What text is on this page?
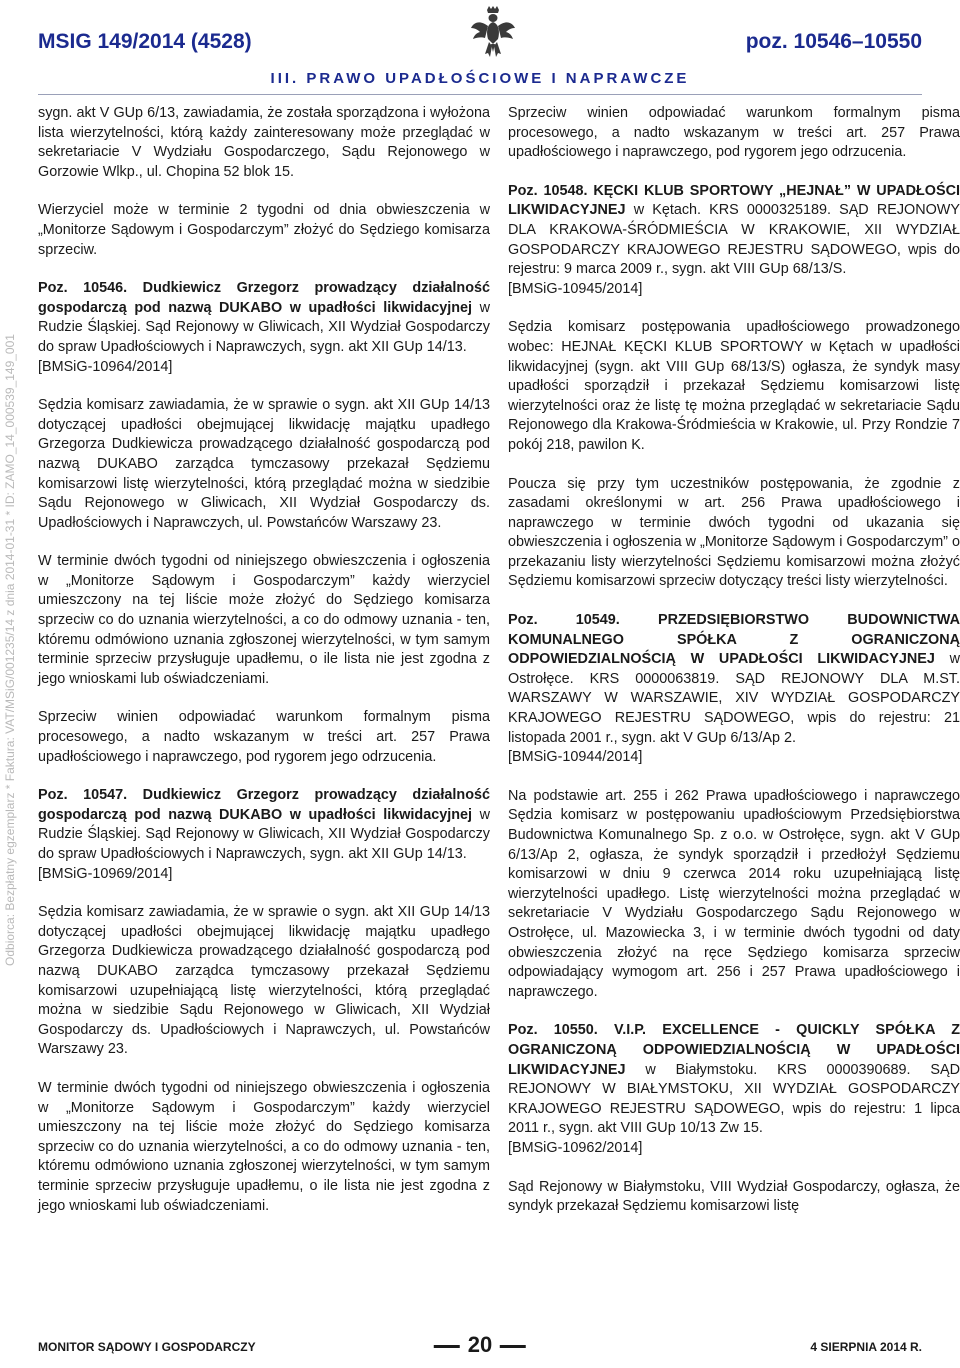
MSIG 149/2014 (4528)	poz. 10546–10550
III. PRAWO UPADŁOŚCIOWE I NAPRAWCZE
Odbiorca: Bezpłatny egzemplarz * Faktura: VAT/MSiG/001235/14 z dnia 2014-01-31 * ID: ZAMO_14_000539_149_001

sygn. akt V GUp 6/13, zawiadamia, że została sporządzona i wyłożona lista wierzytelności, którą każdy zainteresowany może przeglądać w sekretariacie V Wydziału Gospodarczego, Sądu Rejonowego w Gorzowie Wlkp., ul. Chopina 52 blok 15.

Wierzyciel może w terminie 2 tygodni od dnia obwieszczenia w „Monitorze Sądowym i Gospodarczym” złożyć do Sędziego komisarza sprzeciw.

Poz. 10546. Dudkiewicz Grzegorz prowadzący działalność gospodarczą pod nazwą DUKABO w upadłości likwidacyjnej w Rudzie Śląskiej. Sąd Rejonowy w Gliwicach, XII Wydział Gospodarczy do spraw Upadłościowych i Naprawczych, sygn. akt XII GUp 14/13.

[BMSiG-10964/2014]

Sędzia komisarz zawiadamia, że w sprawie o sygn. akt XII GUp 14/13 dotyczącej upadłości obejmującej likwidację majątku upadłego Grzegorza Dudkiewicza prowadzącego działalność gospodarczą pod nazwą DUKABO zarządca tymczasowy przekazał Sędziemu komisarzowi listę wierzytelności, którą przeglądać można w siedzibie Sądu Rejonowego w Gliwicach, XII Wydział Gospodarczy ds. Upadłościowych i Naprawczych, ul. Powstańców Warszawy 23.

W terminie dwóch tygodni od niniejszego obwieszczenia i ogłoszenia w „Monitorze Sądowym i Gospodarczym” każdy wierzyciel umieszczony na tej liście może złożyć do Sędziego komisarza sprzeciw co do uznania wierzytelności, a co do odmowy uznania - ten, któremu odmówiono uznania zgłoszonej wierzytelności, w tym samym terminie sprzeciw przysługuje upadłemu, o ile lista nie jest zgodna z jego wnioskami lub oświadczeniami.

Sprzeciw winien odpowiadać warunkom formalnym pisma procesowego, a nadto wskazanym w treści art. 257 Prawa upadłościowego i naprawczego, pod rygorem jego odrzucenia.

Poz. 10547. Dudkiewicz Grzegorz prowadzący działalność gospodarczą pod nazwą DUKABO w upadłości likwidacyjnej w Rudzie Śląskiej. Sąd Rejonowy w Gliwicach, XII Wydział Gospodarczy do spraw Upadłościowych i Naprawczych, sygn. akt XII GUp 14/13.

[BMSiG-10969/2014]

Sędzia komisarz zawiadamia, że w sprawie o sygn. akt XII GUp 14/13 dotyczącej upadłości obejmującej likwidację majątku upadłego Grzegorza Dudkiewicza prowadzącego działalność gospodarczą pod nazwą DUKABO zarządca tymczasowy przekazał Sędziemu komisarzowi uzupełniającą listę wierzytelności, którą przeglądać można w siedzibie Sądu Rejonowego w Gliwicach, XII Wydział Gospodarczy ds. Upadłościowych i Naprawczych, ul. Powstańców Warszawy 23.

W terminie dwóch tygodni od niniejszego obwieszczenia i ogłoszenia w „Monitorze Sądowym i Gospodarczym” każdy wierzyciel umieszczony na tej liście może złożyć do Sędziego komisarza sprzeciw co do uznania wierzytelności, a co do odmowy uznania - ten, któremu odmówiono uznania zgłoszonej wierzytelności, w tym samym terminie sprzeciw przysługuje upadłemu, o ile lista nie jest zgodna z jego wnioskami lub oświadczeniami.

Sprzeciw winien odpowiadać warunkom formalnym pisma procesowego, a nadto wskazanym w treści art. 257 Prawa upadłościowego i naprawczego, pod rygorem jego odrzucenia.

Poz. 10548. KĘCKI KLUB SPORTOWY „HEJNAŁ” W UPADŁOŚCI LIKWIDACYJNEJ w Kętach. KRS 0000325189. SĄD REJONOWY DLA KRAKOWA-ŚRÓDMIEŚCIA W KRAKOWIE, XII WYDZIAŁ GOSPODARCZY KRAJOWEGO REJESTRU SĄDOWEGO, wpis do rejestru: 9 marca 2009 r., sygn. akt VIII GUp 68/13/S.

[BMSiG-10945/2014]

Sędzia komisarz postępowania upadłościowego prowadzonego wobec: HEJNAŁ KĘCKI KLUB SPORTOWY w Kętach w upadłości likwidacyjnej (sygn. akt VIII GUp 68/13/S) ogłasza, że syndyk masy upadłości sporządził i przekazał Sędziemu komisarzowi listę wierzytelności oraz że listę tę można przeglądać w sekretariacie Sądu Rejonowego dla Krakowa-Śródmieścia w Krakowie, ul. Przy Rondzie 7 pokój 218, pawilon K.

Poucza się przy tym uczestników postępowania, że zgodnie z zasadami określonymi w art. 256 Prawa upadłościowego i naprawczego w terminie dwóch tygodni od ukazania się obwieszczenia i ogłoszenia w „Monitorze Sądowym i Gospodarczym” o przekazaniu listy wierzytelności Sędziemu komisarzowi można złożyć Sędziemu komisarzowi sprzeciw dotyczący treści listy wierzytelności.

Poz. 10549. PRZEDSIĘBIORSTWO BUDOWNICTWA KOMUNALNEGO SPÓŁKA Z OGRANICZONĄ ODPOWIEDZIALNOŚCIĄ W UPADŁOŚCI LIKWIDACYJNEJ w Ostrołęce. KRS 0000063819. SĄD REJONOWY DLA M.ST. WARSZAWY W WARSZAWIE, XIV WYDZIAŁ GOSPODARCZY KRAJOWEGO REJESTRU SĄDOWEGO, wpis do rejestru: 21 listopada 2001 r., sygn. akt V GUp 6/13/Ap 2.

[BMSiG-10944/2014]

Na podstawie art. 255 i 262 Prawa upadłościowego i naprawczego Sędzia komisarz w postępowaniu upadłościowym Przedsiębiorstwa Budownictwa Komunalnego Sp. z o.o. w Ostrołęce, sygn. akt V GUp 6/13/Ap 2, ogłasza, że syndyk sporządził i przedłożył Sędziemu komisarzowi w dniu 9 czerwca 2014 roku uzupełniającą listę wierzytelności upadłego. Listę wierzytelności można przeglądać w sekretariacie V Wydziału Gospodarczego Sądu Rejonowego w Ostrołęce, ul. Mazowiecka 3, i w terminie dwóch tygodni od daty obwieszczenia złożyć na ręce Sędziego komisarza sprzeciw odpowiadający wymogom art. 256 i 257 Prawa upadłościowego i naprawczego.

Poz. 10550. V.I.P. EXCELLENCE - QUICKLY SPÓŁKA Z OGRANICZONĄ ODPOWIEDZIALNOŚCIĄ W UPADŁOŚCI LIKWIDACYJNEJ w Białymstoku. KRS 0000390689. SĄD REJONOWY W BIAŁYMSTOKU, XII WYDZIAŁ GOSPODARCZY KRAJOWEGO REJESTRU SĄDOWEGO, wpis do rejestru: 1 lipca 2011 r., sygn. akt VIII GUp 10/13 Zw 15.

[BMSiG-10962/2014]

Sąd Rejonowy w Białymstoku, VIII Wydział Gospodarczy, ogłasza, że syndyk przekazał Sędziemu komisarzowi listę

MONITOR SĄDOWY I GOSPODARCZY	20	4 SIERPNIA 2014 R.
